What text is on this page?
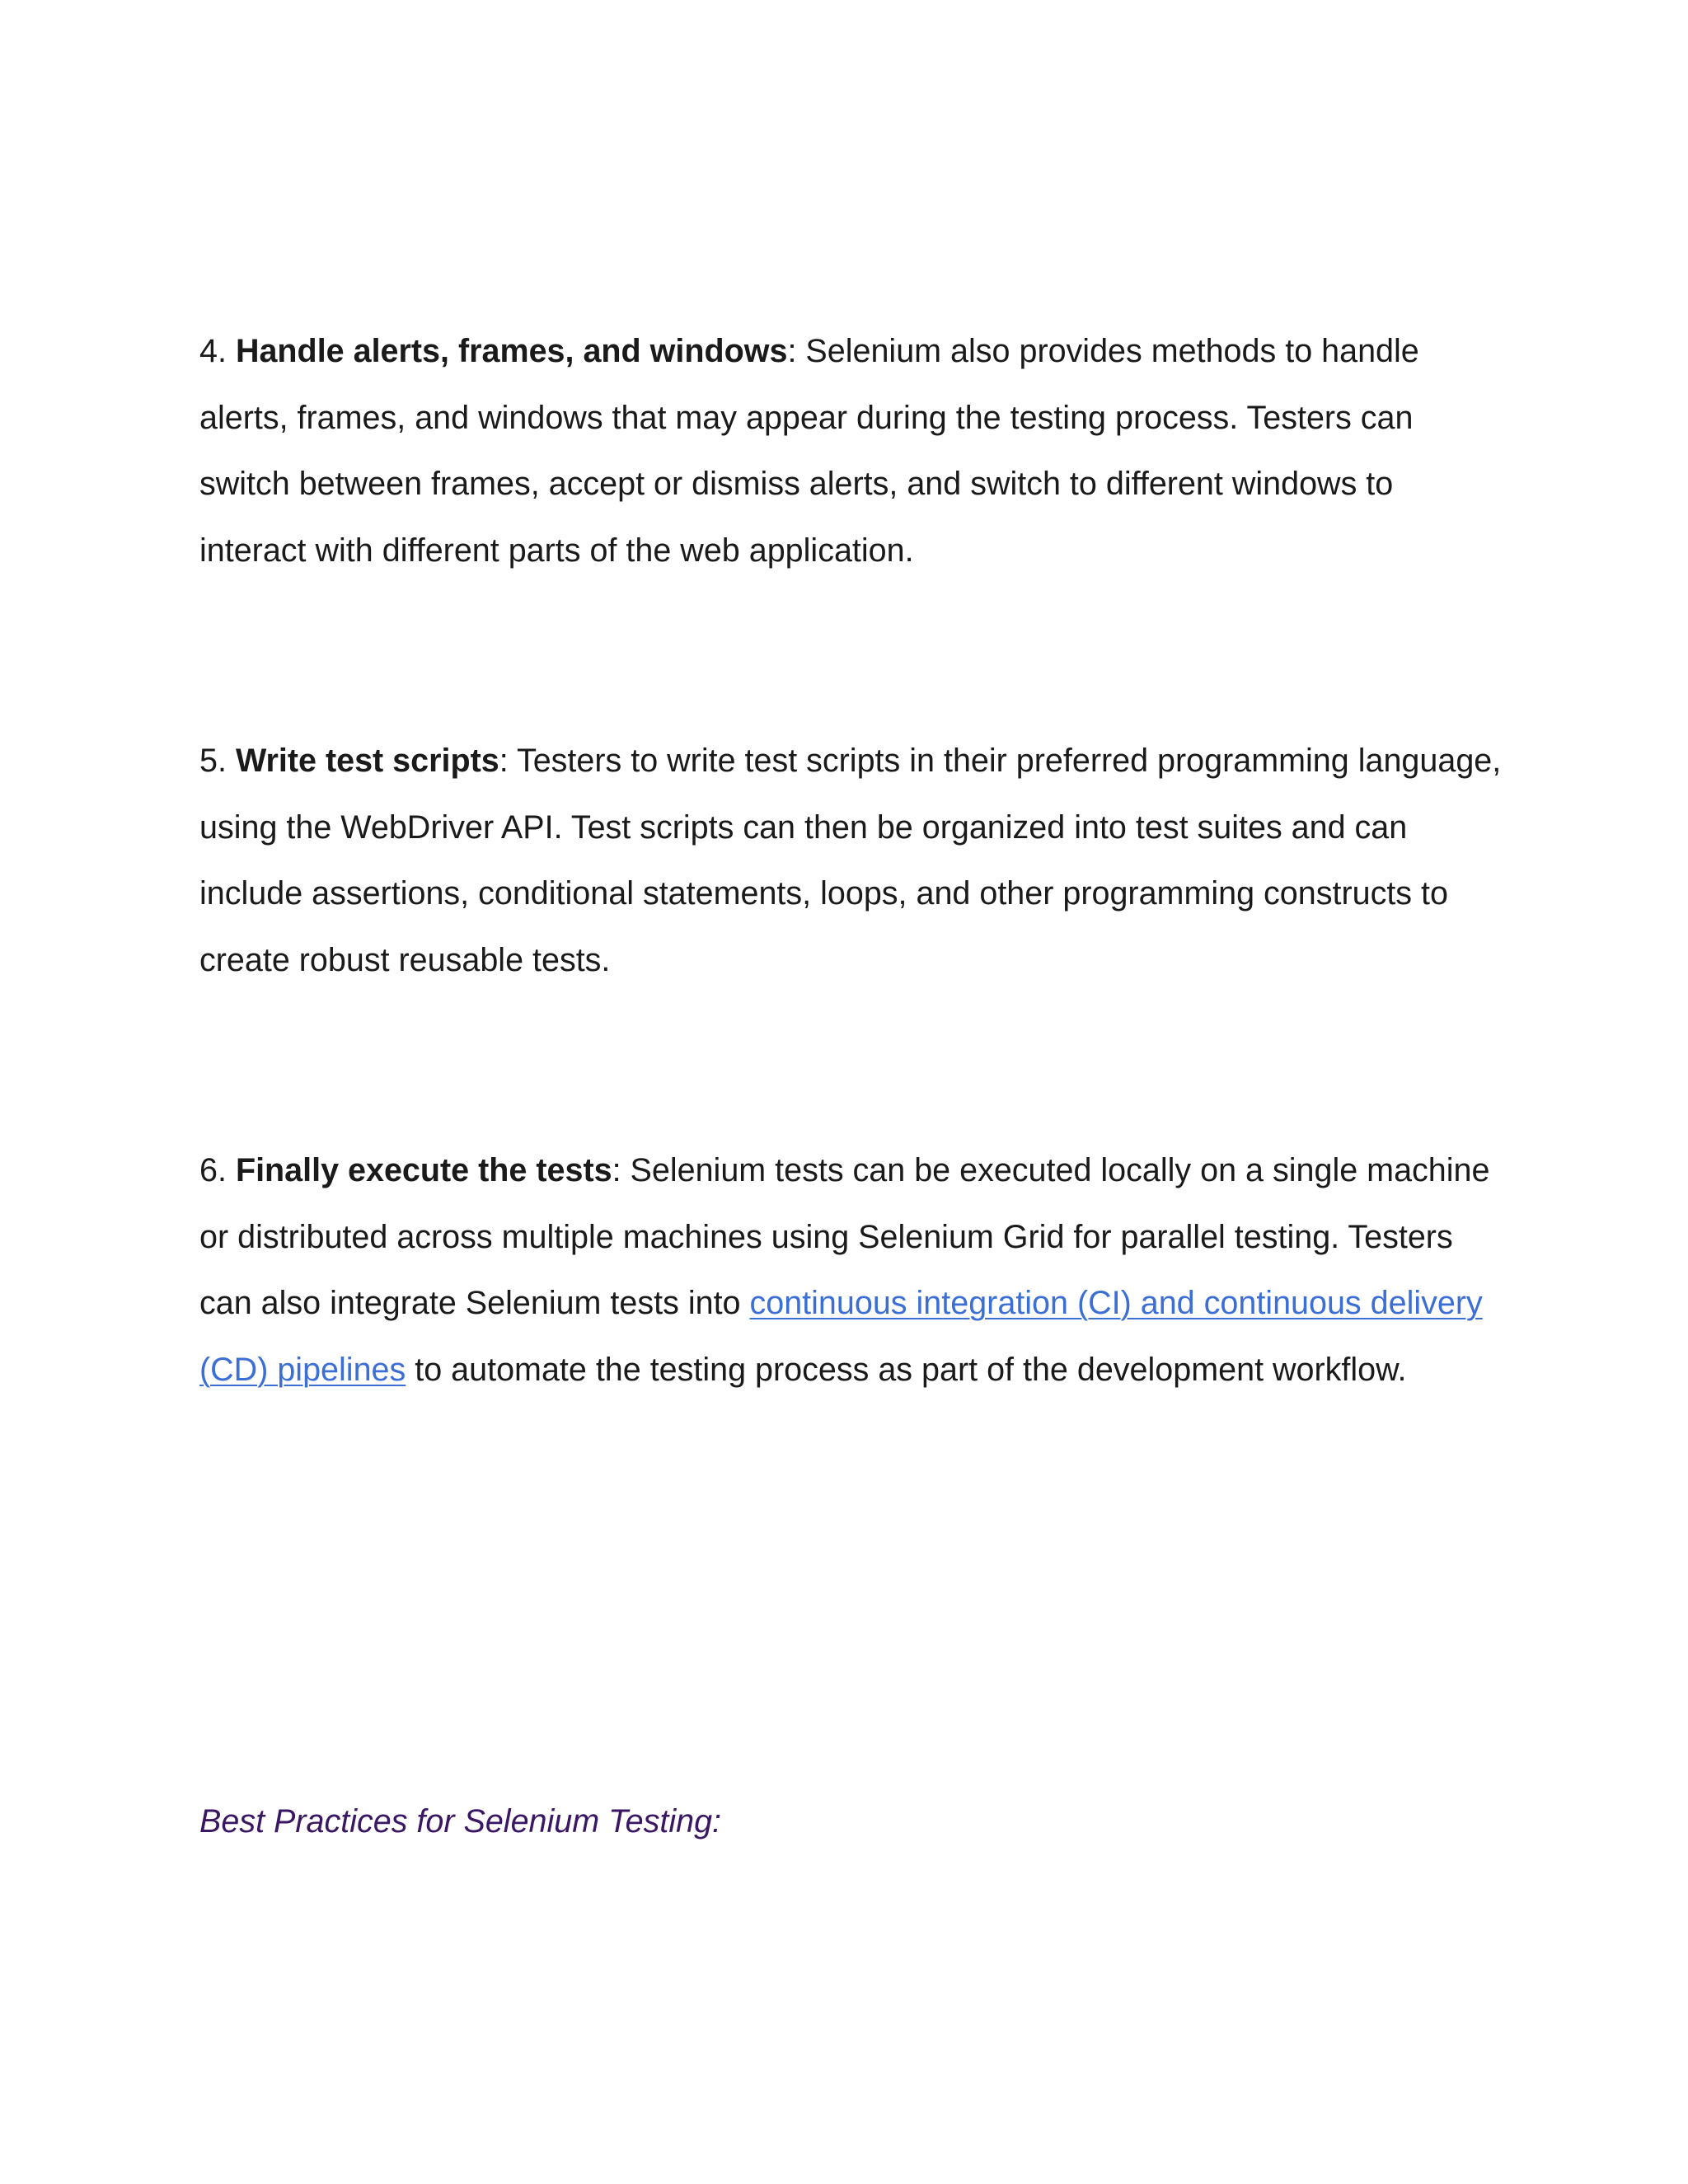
4. Handle alerts, frames, and windows: Selenium also provides methods to handle alerts, frames, and windows that may appear during the testing process. Testers can switch between frames, accept or dismiss alerts, and switch to different windows to interact with different parts of the web application.

5. Write test scripts: Testers to write test scripts in their preferred programming language, using the WebDriver API. Test scripts can then be organized into test suites and can include assertions, conditional statements, loops, and other programming constructs to create robust reusable tests.

6. Finally execute the tests: Selenium tests can be executed locally on a single machine or distributed across multiple machines using Selenium Grid for parallel testing. Testers can also integrate Selenium tests into continuous integration (CI) and continuous delivery (CD) pipelines to automate the testing process as part of the development workflow.

Best Practices for Selenium Testing:
